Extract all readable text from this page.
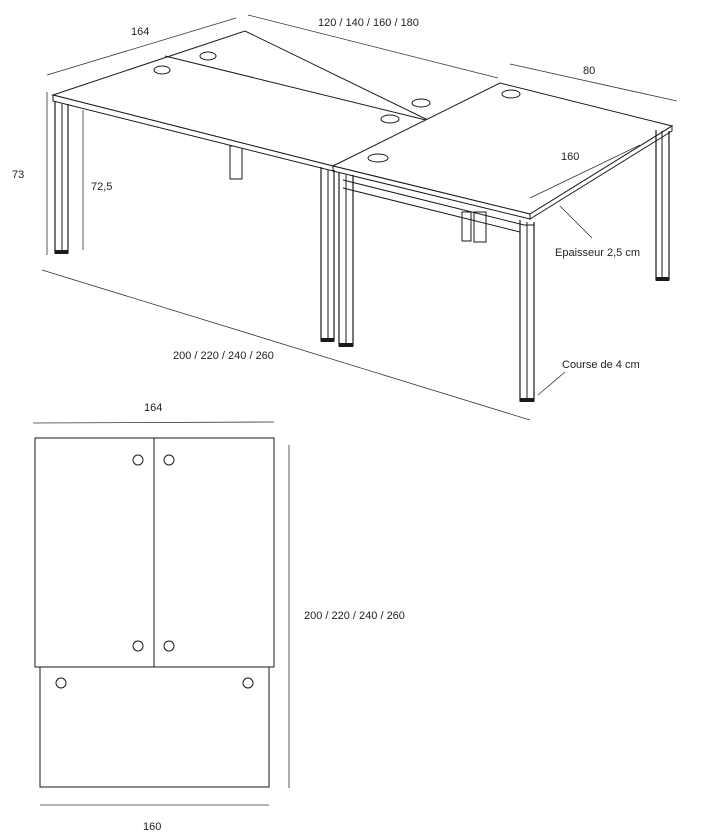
164
120 / 140 / 160 / 180
80
73
72,5
160
Epaisseur 2,5 cm
Course de 4 cm
200 / 220 / 240 / 260
164
200 / 220 / 240 / 260
160
